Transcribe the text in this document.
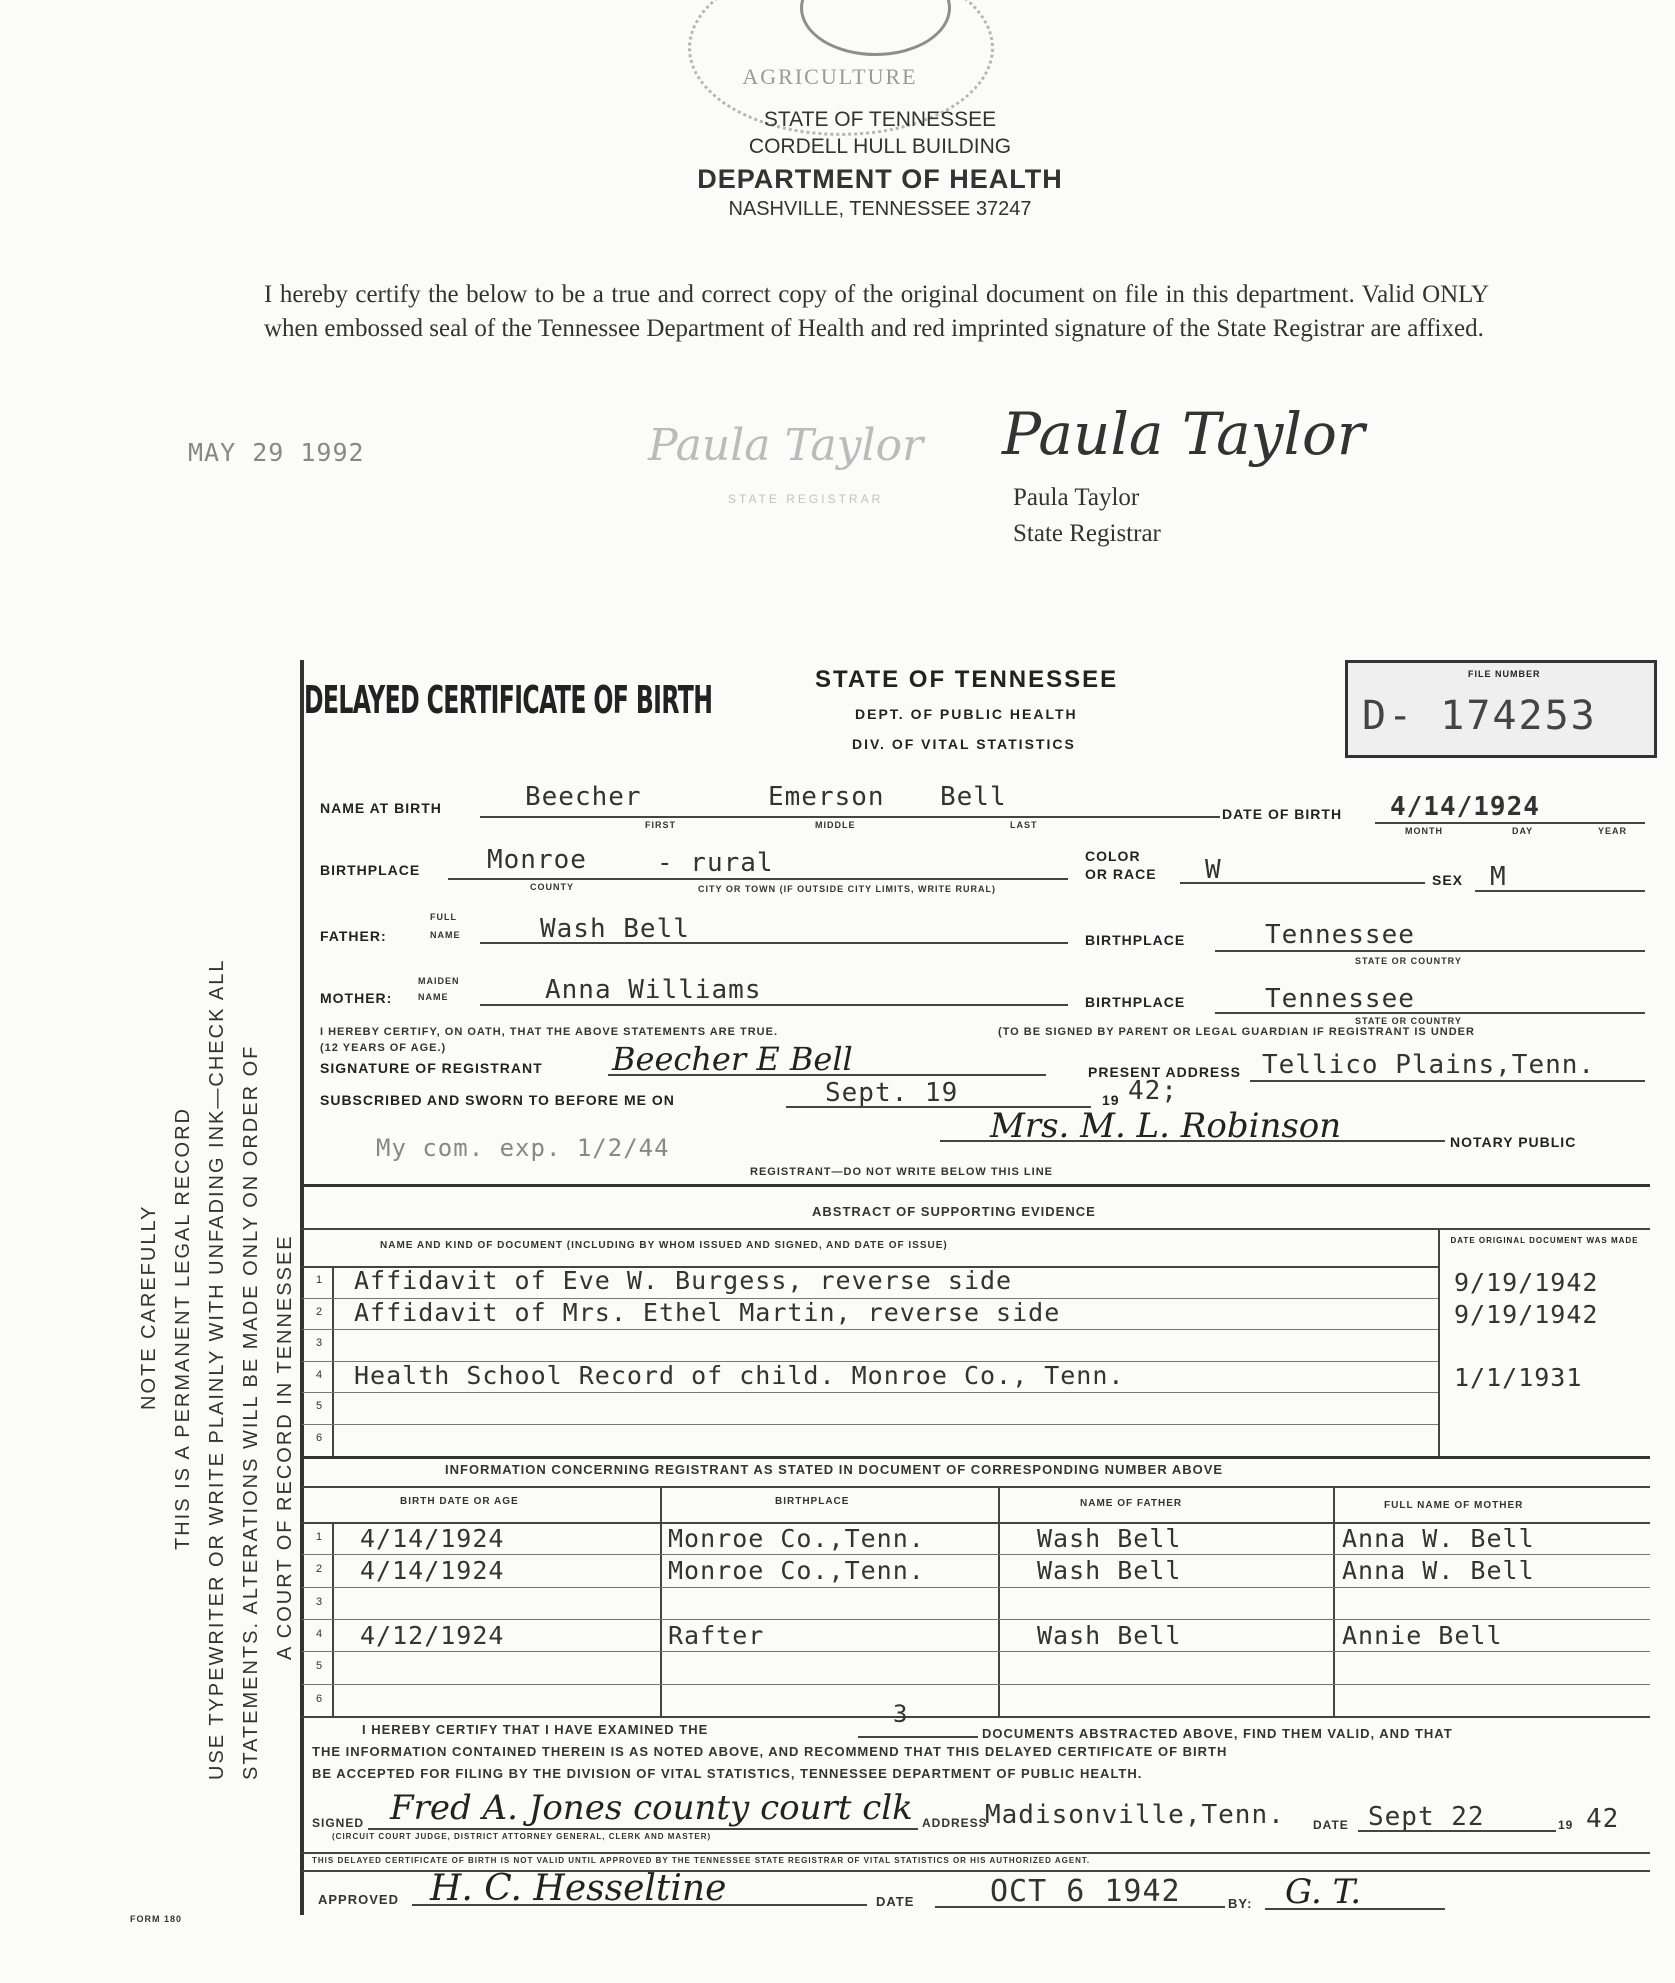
AGRICULTURE
STATE OF TENNESSEE
CORDELL HULL BUILDING
DEPARTMENT OF HEALTH
NASHVILLE, TENNESSEE 37247
I hereby certify the below to be a true and correct copy of the original document on file in this department. Valid ONLY when embossed seal of the Tennessee Department of Health and red imprinted signature of the State Registrar are affixed.
MAY 29 1992	Paula Taylor
STATE REGISTRAR
Paula Taylor
Paula Taylor
State Registrar
NOTE CAREFULLY THIS IS A PERMANENT LEGAL RECORD USE TYPEWRITER OR WRITE PLAINLY WITH UNFADING INK—CHECK ALL STATEMENTS. ALTERATIONS WILL BE MADE ONLY ON ORDER OF A COURT OF RECORD IN TENNESSEE
DELAYED CERTIFICATE OF BIRTH	STATE OF TENNESSEE
DEPT. OF PUBLIC HEALTH
DIV. OF VITAL STATISTICS
FILE NUMBER
D- 174253
NAME AT BIRTH	Beecher	Emerson Bell
FIRST	MIDDLE	LAST
DATE OF BIRTH 4/14/1924
MONTH	DAY	YEAR
BIRTHPLACE	Monroe	- rural
COUNTY	CITY OR TOWN (IF OUTSIDE CITY LIMITS, WRITE RURAL)
COLOR
OR RACE W	SEX M
FATHER:
FULL
NAME	Wash Bell	BIRTHPLACE	Tennessee
STATE OR COUNTRY
MOTHER:
MAIDEN
NAME	Anna Williams	BIRTHPLACE	Tennessee
STATE OR COUNTRY
I HEREBY CERTIFY, ON OATH, THAT THE ABOVE STATEMENTS ARE TRUE.	(TO BE SIGNED BY PARENT OR LEGAL GUARDIAN IF REGISTRANT IS UNDER
(12 YEARS OF AGE.)
SIGNATURE OF REGISTRANT Beecher E Bell	PRESENT ADDRESS Tellico Plains,Tenn.
SUBSCRIBED AND SWORN TO BEFORE ME ON	Sept. 19	19 42;
My com. exp. 1/2/44
Mrs. M. L. Robinson	NOTARY PUBLIC
REGISTRANT—DO NOT WRITE BELOW THIS LINE
ABSTRACT OF SUPPORTING EVIDENCE
NAME AND KIND OF DOCUMENT (INCLUDING BY WHOM ISSUED AND SIGNED, AND DATE OF ISSUE)	DATE ORIGINAL DOCUMENT WAS MADE
1 Affidavit of Eve W. Burgess, reverse side	9/19/1942
2 Affidavit of Mrs. Ethel Martin, reverse side	9/19/1942
3
4 Health School Record of child. Monroe Co., Tenn.	1/1/1931
5
6
INFORMATION CONCERNING REGISTRANT AS STATED IN DOCUMENT OF CORRESPONDING NUMBER ABOVE
BIRTH DATE OR AGE	BIRTHPLACE	NAME OF FATHER	FULL NAME OF MOTHER
1 4/14/1924	Monroe Co.,Tenn.	Wash Bell	Anna W. Bell
2 4/14/1924	Monroe Co.,Tenn.	Wash Bell	Anna W. Bell
3
4 4/12/1924	Rafter	Wash Bell	Annie Bell
5
6
I HEREBY CERTIFY THAT I HAVE EXAMINED THE
3
DOCUMENTS ABSTRACTED ABOVE, FIND THEM VALID, AND THAT
THE INFORMATION CONTAINED THEREIN IS AS NOTED ABOVE, AND RECOMMEND THAT THIS DELAYED CERTIFICATE OF BIRTH
BE ACCEPTED FOR FILING BY THE DIVISION OF VITAL STATISTICS, TENNESSEE DEPARTMENT OF PUBLIC HEALTH.
SIGNED Fred A. Jones county court clk
(CIRCUIT COURT JUDGE, DISTRICT ATTORNEY GENERAL, CLERK AND MASTER)
ADDRESS
Madisonville,Tenn. DATE Sept 22	19 42
THIS DELAYED CERTIFICATE OF BIRTH IS NOT VALID UNTIL APPROVED BY THE TENNESSEE STATE REGISTRAR OF VITAL STATISTICS OR HIS AUTHORIZED AGENT.
APPROVED H. C. Hesseltine	DATE	OCT 6 1942	BY: G. T.
FORM 180
